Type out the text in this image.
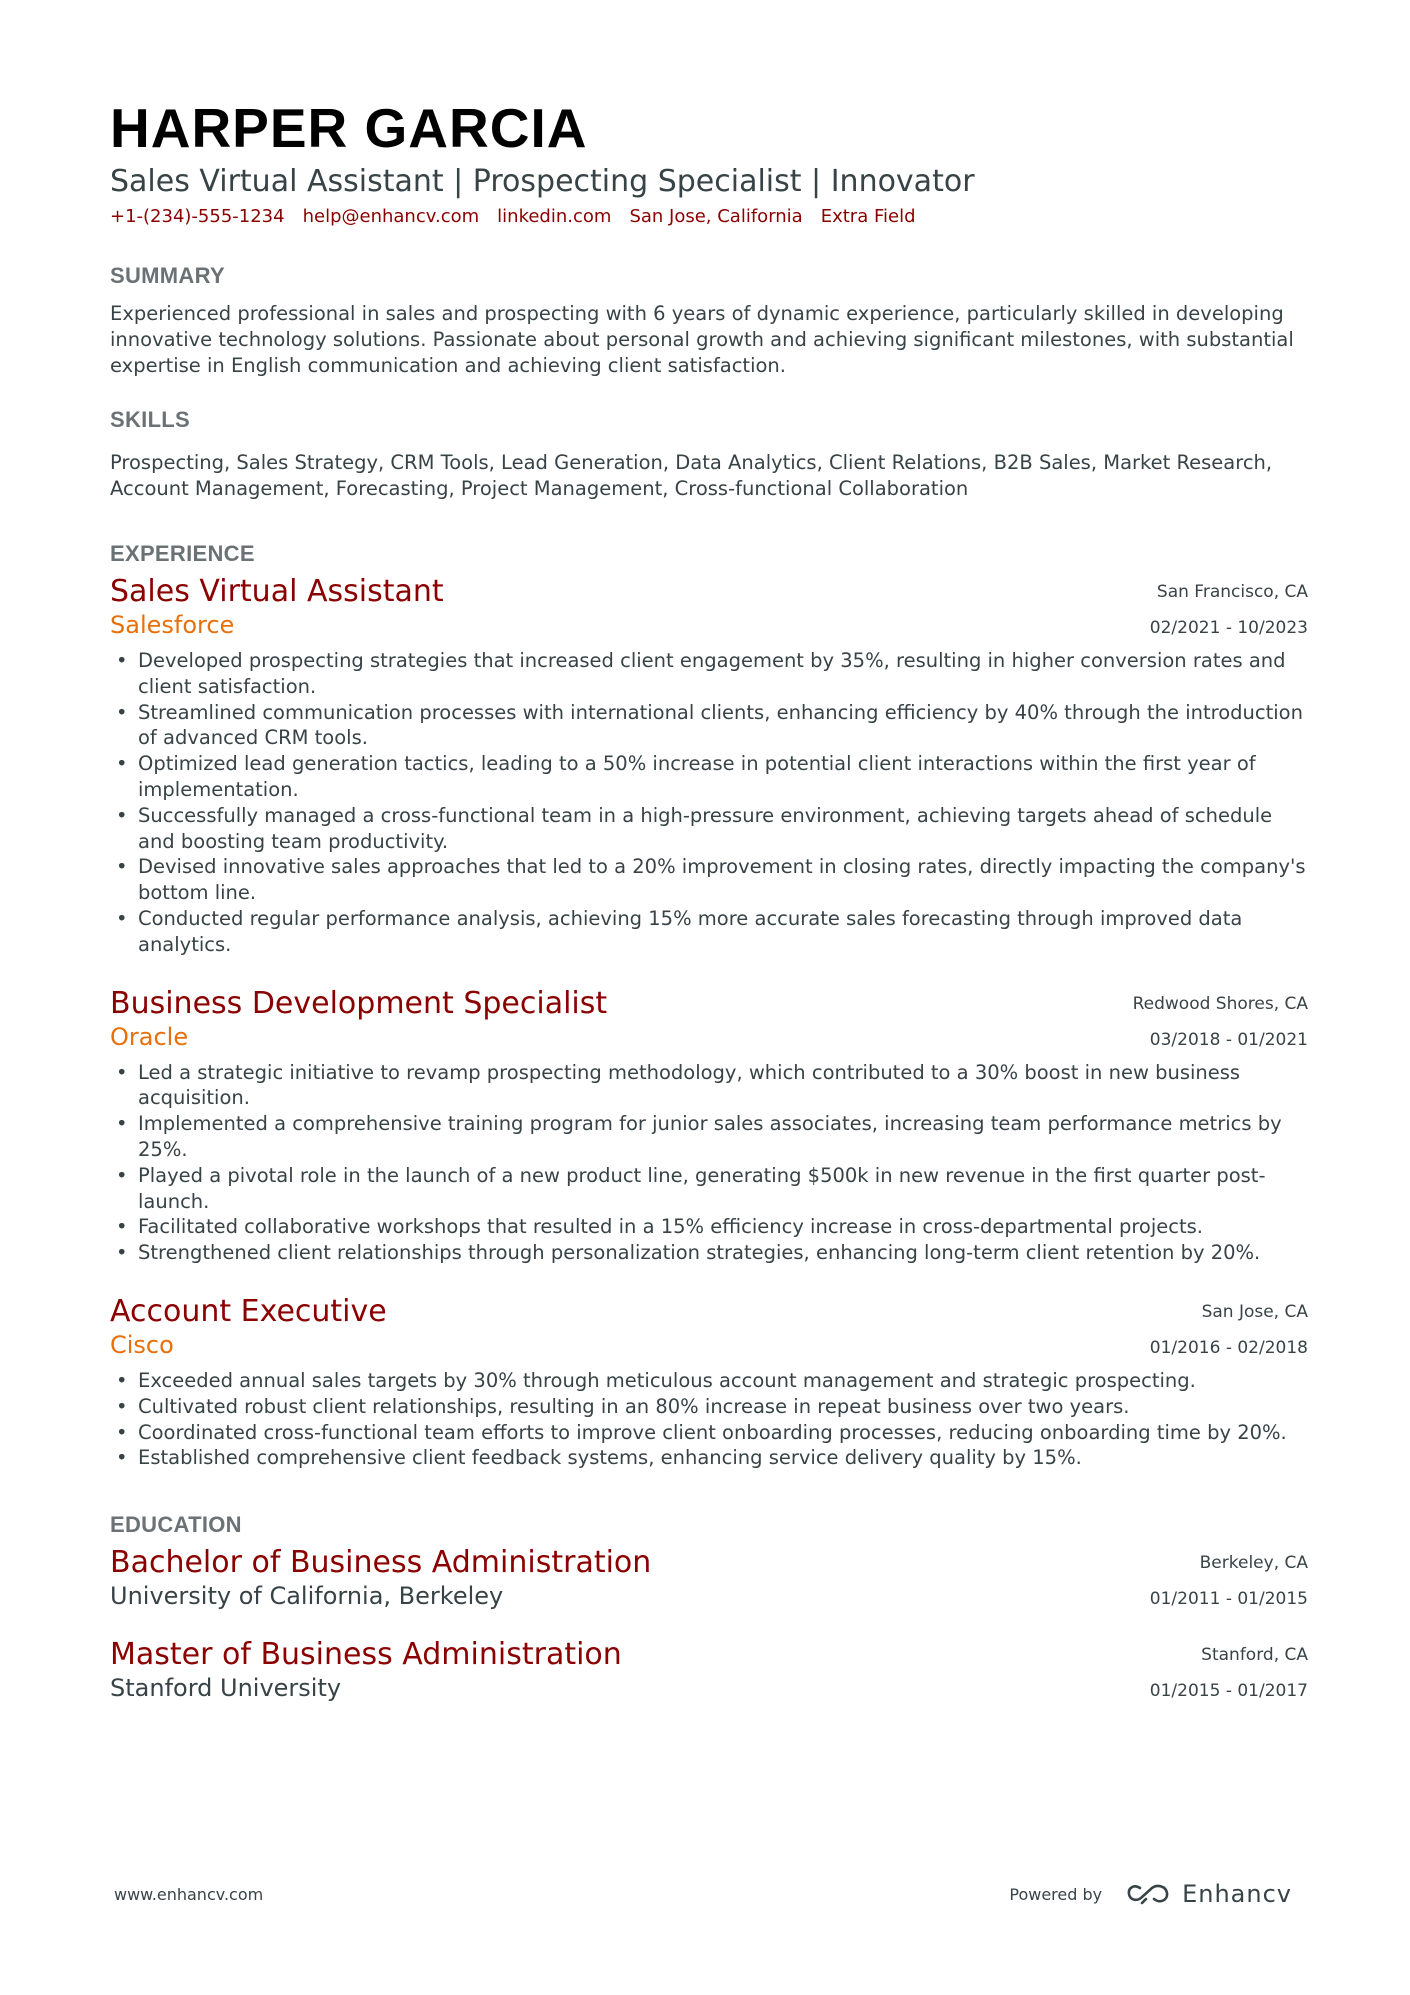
HARPER GARCIA
Sales Virtual Assistant | Prospecting Specialist | Innovator
+1-(234)-555-1234 help@enhancv.com linkedin.com San Jose, California Extra Field
SUMMARY
Experienced professional in sales and prospecting with 6 years of dynamic experience, particularly skilled in developing innovative technology solutions. Passionate about personal growth and achieving significant milestones, with substantial expertise in English communication and achieving client satisfaction.
SKILLS
Prospecting, Sales Strategy, CRM Tools, Lead Generation, Data Analytics, Client Relations, B2B Sales, Market Research, Account Management, Forecasting, Project Management, Cross-functional Collaboration
EXPERIENCE
Sales Virtual Assistant
Salesforce
San Francisco, CA
02/2021 - 10/2023
• Developed prospecting strategies that increased client engagement by 35%, resulting in higher conversion rates and client satisfaction.
• Streamlined communication processes with international clients, enhancing efficiency by 40% through the introduction of advanced CRM tools.
• Optimized lead generation tactics, leading to a 50% increase in potential client interactions within the first year of implementation.
• Successfully managed a cross-functional team in a high-pressure environment, achieving targets ahead of schedule and boosting team productivity.
• Devised innovative sales approaches that led to a 20% improvement in closing rates, directly impacting the company's bottom line.
• Conducted regular performance analysis, achieving 15% more accurate sales forecasting through improved data analytics.
Business Development Specialist
Oracle
Redwood Shores, CA
03/2018 - 01/2021
• Led a strategic initiative to revamp prospecting methodology, which contributed to a 30% boost in new business acquisition.
• Implemented a comprehensive training program for junior sales associates, increasing team performance metrics by 25%.
• Played a pivotal role in the launch of a new product line, generating $500k in new revenue in the first quarter post-launch.
• Facilitated collaborative workshops that resulted in a 15% efficiency increase in cross-departmental projects.
• Strengthened client relationships through personalization strategies, enhancing long-term client retention by 20%.
Account Executive
Cisco
San Jose, CA
01/2016 - 02/2018
• Exceeded annual sales targets by 30% through meticulous account management and strategic prospecting.
• Cultivated robust client relationships, resulting in an 80% increase in repeat business over two years.
• Coordinated cross-functional team efforts to improve client onboarding processes, reducing onboarding time by 20%.
• Established comprehensive client feedback systems, enhancing service delivery quality by 15%.
EDUCATION
Bachelor of Business Administration
University of California, Berkeley
Berkeley, CA
01/2011 - 01/2015
Master of Business Administration
Stanford University
Stanford, CA
01/2015 - 01/2017
www.enhancv.com	Powered by	Enhancv
